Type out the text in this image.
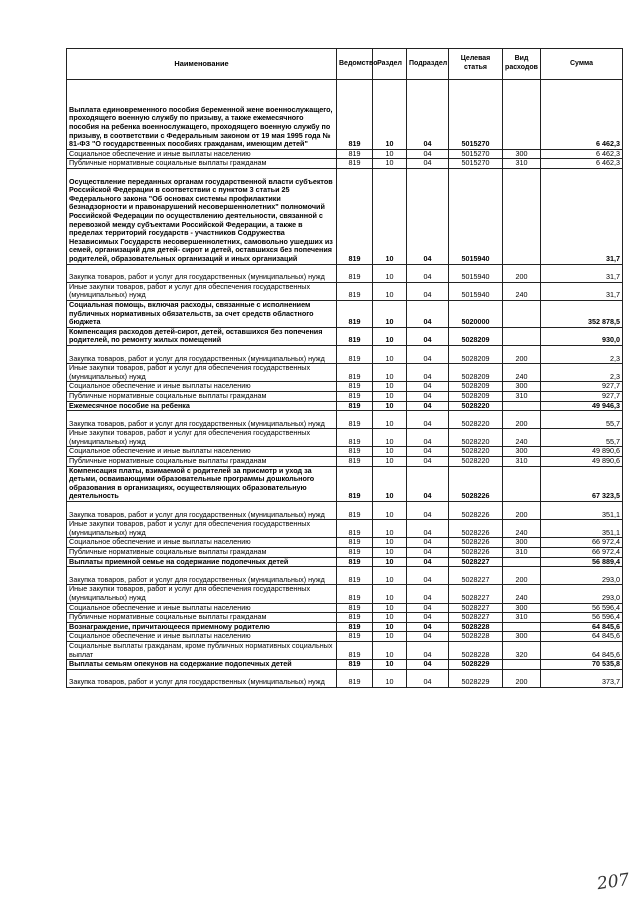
Наименование	Ведомство	Раздел	Подраздел	Целевая статья	Вид расходов	Сумма
Выплата единовременного пособия беременной жене военнослужащего, проходящего военную службу по призыву, а также ежемесячного пособия на ребенка военнослужащего, проходящего военную службу по призыву, в соответствии с Федеральным законом от 19 мая 1995 года № 81-ФЗ "О государственных пособиях гражданам, имеющим детей"	819	10	04	5015270		6 462,3
Социальное обеспечение и иные выплаты населению	819	10	04	5015270	300	6 462,3
Публичные нормативные социальные выплаты гражданам	819	10	04	5015270	310	6 462,3
Осуществление переданных органам государственной власти субъектов Российской Федерации в соответствии с пунктом 3 статьи 25 Федерального закона "Об основах системы профилактики безнадзорности и правонарушений несовершеннолетних" полномочий Российской Федерации по осуществлению деятельности, связанной с перевозкой между субъектами Российской Федерации, а также в пределах территорий государств - участников Содружества Независимых Государств несовершеннолетних, самовольно ушедших из семей, организаций для детей- сирот и детей, оставшихся без попечения родителей, образовательных организаций и иных организаций	819	10	04	5015940		31,7
Закупка товаров, работ и услуг для государственных (муниципальных) нужд	819	10	04	5015940	200	31,7
Иные закупки товаров, работ и услуг для обеспечения государственных (муниципальных) нужд	819	10	04	5015940	240	31,7
Социальная помощь, включая расходы, связанные с исполнением публичных нормативных обязательств, за счет средств областного бюджета	819	10	04	5020000		352 878,5
Компенсация расходов детей-сирот, детей, оставшихся без попечения родителей, по ремонту жилых помещений	819	10	04	5028209		930,0
Закупка товаров, работ и услуг для государственных (муниципальных) нужд	819	10	04	5028209	200	2,3
Иные закупки товаров, работ и услуг для обеспечения государственных (муниципальных) нужд	819	10	04	5028209	240	2,3
Социальное обеспечение и иные выплаты населению	819	10	04	5028209	300	927,7
Публичные нормативные социальные выплаты гражданам	819	10	04	5028209	310	927,7
Ежемесячное пособие на ребенка	819	10	04	5028220		49 946,3
Закупка товаров, работ и услуг для государственных (муниципальных) нужд	819	10	04	5028220	200	55,7
Иные закупки товаров, работ и услуг для обеспечения государственных (муниципальных) нужд	819	10	04	5028220	240	55,7
Социальное обеспечение и иные выплаты населению	819	10	04	5028220	300	49 890,6
Публичные нормативные социальные выплаты гражданам	819	10	04	5028220	310	49 890,6
Компенсация платы, взимаемой с родителей за присмотр и уход за детьми, осваивающими образовательные программы дошкольного образования в организациях, осуществляющих образовательную деятельность	819	10	04	5028226		67 323,5
Закупка товаров, работ и услуг для государственных (муниципальных) нужд	819	10	04	5028226	200	351,1
Иные закупки товаров, работ и услуг для обеспечения государственных (муниципальных) нужд	819	10	04	5028226	240	351,1
Социальное обеспечение и иные выплаты населению	819	10	04	5028226	300	66 972,4
Публичные нормативные социальные выплаты гражданам	819	10	04	5028226	310	66 972,4
Выплаты приемной семье на содержание подопечных детей	819	10	04	5028227		56 889,4
Закупка товаров, работ и услуг для государственных (муниципальных) нужд	819	10	04	5028227	200	293,0
Иные закупки товаров, работ и услуг для обеспечения государственных (муниципальных) нужд	819	10	04	5028227	240	293,0
Социальное обеспечение и иные выплаты населению	819	10	04	5028227	300	56 596,4
Публичные нормативные социальные выплаты гражданам	819	10	04	5028227	310	56 596,4
Вознаграждение, причитающееся приемному родителю	819	10	04	5028228		64 845,6
Социальное обеспечение и иные выплаты населению	819	10	04	5028228	300	64 845,6
Социальные выплаты гражданам, кроме публичных нормативных социальных выплат	819	10	04	5028228	320	64 845,6
Выплаты семьям опекунов на содержание подопечных детей	819	10	04	5028229		70 535,8
Закупка товаров, работ и услуг для государственных (муниципальных) нужд	819	10	04	5028229	200	373,7
207
